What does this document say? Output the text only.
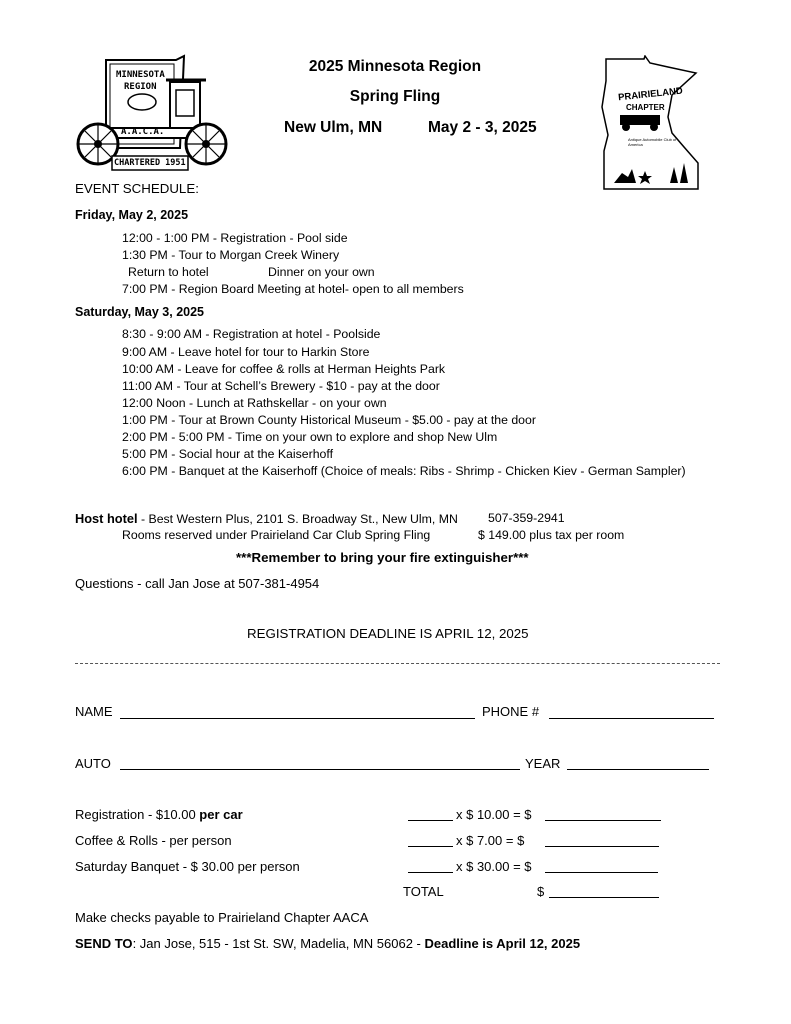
MINNESOTA
REGION
A.A.C.A.
CHARTERED 1951
2025 Minnesota Region
Spring Fling
New Ulm, MN	May 2 - 3, 2025
PRAIRIELAND
CHAPTER
Antique Automobile Club of America
EVENT SCHEDULE:
Friday, May 2, 2025
12:00 - 1:00 PM - Registration - Pool side
1:30 PM - Tour to Morgan Creek Winery
Return to hotel	Dinner on your own
7:00 PM - Region Board Meeting at hotel- open to all members
Saturday, May 3, 2025
8:30 - 9:00 AM - Registration at hotel - Poolside
9:00 AM - Leave hotel for tour to Harkin Store
10:00 AM - Leave for coffee & rolls at Herman Heights Park
11:00 AM - Tour at Schell’s Brewery - $10 - pay at the door
12:00 Noon - Lunch at Rathskellar - on your own
1:00 PM - Tour at Brown County Historical Museum - $5.00 - pay at the door
2:00 PM - 5:00 PM - Time on your own to explore and shop New Ulm
5:00 PM - Social hour at the Kaiserhoff
6:00 PM - Banquet at the Kaiserhoff (Choice of meals: Ribs - Shrimp - Chicken Kiev - German Sampler)
Host hotel - Best Western Plus, 2101 S. Broadway St., New Ulm, MN 507-359-2941
Rooms reserved under Prairieland Car Club Spring Fling	$ 149.00 plus tax per room
***Remember to bring your fire extinguisher***
Questions - call Jan Jose at 507-381-4954
REGISTRATION DEADLINE IS APRIL 12, 2025
NAME	PHONE #
AUTO	YEAR
Registration - $10.00 per car	x $ 10.00 = $
Coffee & Rolls - per person	x $ 7.00 = $
Saturday Banquet - $ 30.00 per person	x $ 30.00 = $
TOTAL	$
Make checks payable to Prairieland Chapter AACA
SEND TO: Jan Jose, 515 - 1st St. SW, Madelia, MN 56062 - Deadline is April 12, 2025
